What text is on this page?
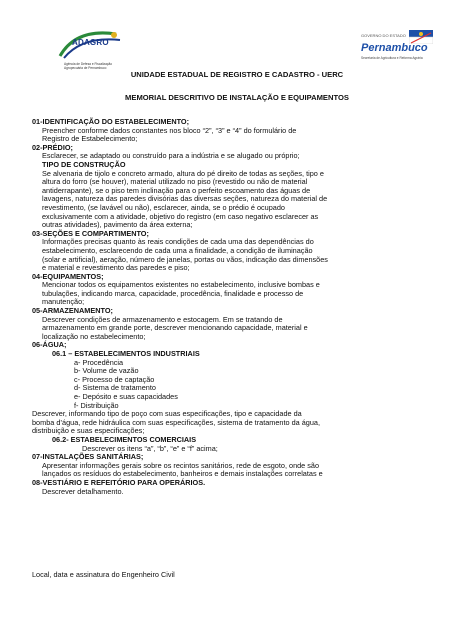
ADAGRO
Agência de Defesa e Fiscalização Agropecuária de Pernambuco
GOVERNO DO ESTADO
Pernambuco
Secretaria de Agricultura e Reforma Agrária
UNIDADE ESTADUAL DE REGISTRO E CADASTRO - UERC
MEMORIAL DESCRITIVO DE INSTALAÇÃO E EQUIPAMENTOS
01-IDENTIFICAÇÃO DO ESTABELECIMENTO;
Preencher conforme dados constantes nos bloco “2”, “3” e “4” do formulário de
Registro de Estabelecimento;
02-PRÉDIO;
Esclarecer, se adaptado ou construído para a indústria e se alugado ou próprio;
TIPO DE CONSTRUÇÃO
Se alvenaria de tijolo e concreto armado, altura do pé direito de todas as seções, tipo e
altura do forro (se houver), material utilizado no piso (revestido ou não de material
antiderrapante), se o piso tem inclinação para o perfeito escoamento das águas de
lavagens, natureza das paredes divisórias das diversas seções, natureza do material de
revestimento, (se lavável ou não), esclarecer, ainda, se o prédio é ocupado
exclusivamente com a atividade, objetivo do registro (em caso negativo esclarecer as
outras atividades), pavimento da área externa;
03-SEÇÕES E COMPARTIMENTO;
Informações precisas quanto às reais condições de cada uma das dependências do
estabelecimento, esclarecendo de cada uma a finalidade, a condição de iluminação
(solar e artificial), aeração, número de janelas, portas ou vãos, indicação das dimensões
e material e revestimento das paredes e piso;
04-EQUIPAMENTOS;
Mencionar todos os equipamentos existentes no estabelecimento, inclusive bombas e
tubulações, indicando marca, capacidade, procedência, finalidade e processo de
manutenção;
05-ARMAZENAMENTO;
Descrever condições de armazenamento e estocagem. Em se tratando de
armazenamento em grande porte, descrever mencionando capacidade, material e
localização no estabelecimento;
06-ÁGUA;
06.1 – ESTABELECIMENTOS INDUSTRIAIS
a- Procedência
b- Volume de vazão
c- Processo de captação
d- Sistema de tratamento
e- Depósito e suas capacidades
f- Distribuição
Descrever, informando tipo de poço com suas especificações, tipo e capacidade da
bomba d’água, rede hidráulica com suas especificações, sistema de tratamento da água,
distribuição e suas especificações;
06.2- ESTABELECIMENTOS COMERCIAIS
Descrever os itens “a”, “b”, “e” e “f” acima;
07-INSTALAÇÕES SANITÁRIAS;
Apresentar informações gerais sobre os recintos sanitários, rede de esgoto, onde são
lançados os resíduos do estabelecimento, banheiros e demais instalações correlatas e
08-VESTIÁRIO E REFEITÓRIO PARA OPERÁRIOS.
Descrever detalhamento.
Local, data e assinatura do Engenheiro Civil
